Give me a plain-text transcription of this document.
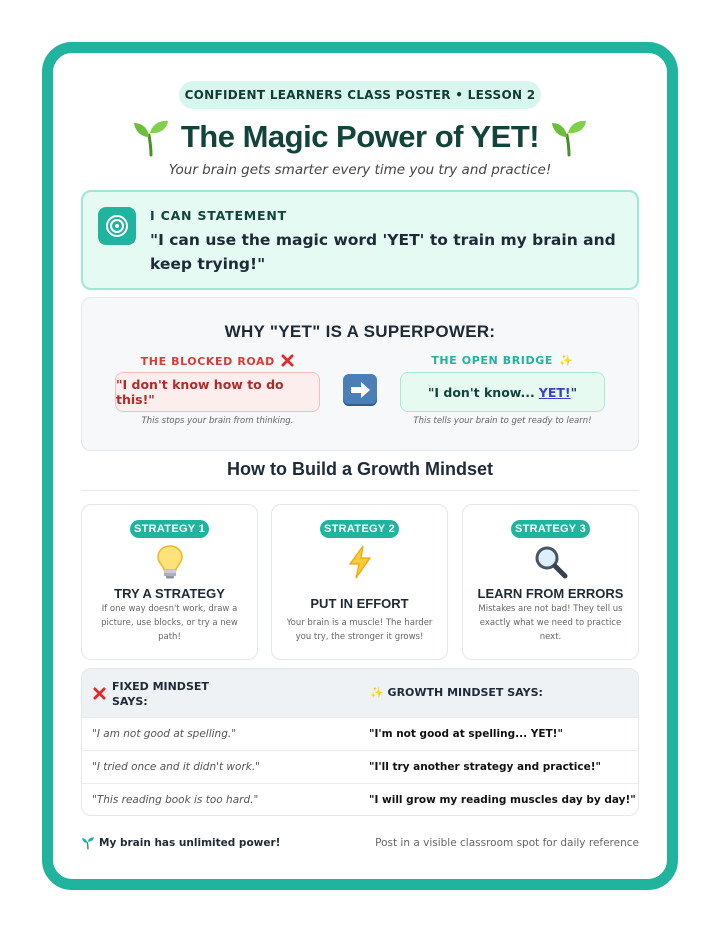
CONFIDENT LEARNERS CLASS POSTER • LESSON 2
The Magic Power of YET!
Your brain gets smarter every time you try and practice!
I CAN STATEMENT
"I can use the magic word 'YET' to train my brain and keep trying!"
WHY "YET" IS A SUPERPOWER:
THE BLOCKED ROAD
"I don't know how to do this!"
This stops your brain from thinking.
THE OPEN BRIDGE ✨
"I don't know... YET! "
This tells your brain to get ready to learn!
How to Build a Growth Mindset
STRATEGY 1
TRY A STRATEGY
If one way doesn't work, draw a picture, use blocks, or try a new path!
STRATEGY 2
PUT IN EFFORT
Your brain is a muscle! The harder you try, the stronger it grows!
STRATEGY 3
LEARN FROM ERRORS
Mistakes are not bad! They tell us exactly what we need to practice next.
FIXED MINDSET SAYS:
✨ GROWTH MINDSET SAYS:
"I am not good at spelling."	"I'm not good at spelling... YET!"
"I tried once and it didn't work."	"I'll try another strategy and practice!"
"This reading book is too hard."	"I will grow my reading muscles day by day!"
My brain has unlimited power!	Post in a visible classroom spot for daily reference
